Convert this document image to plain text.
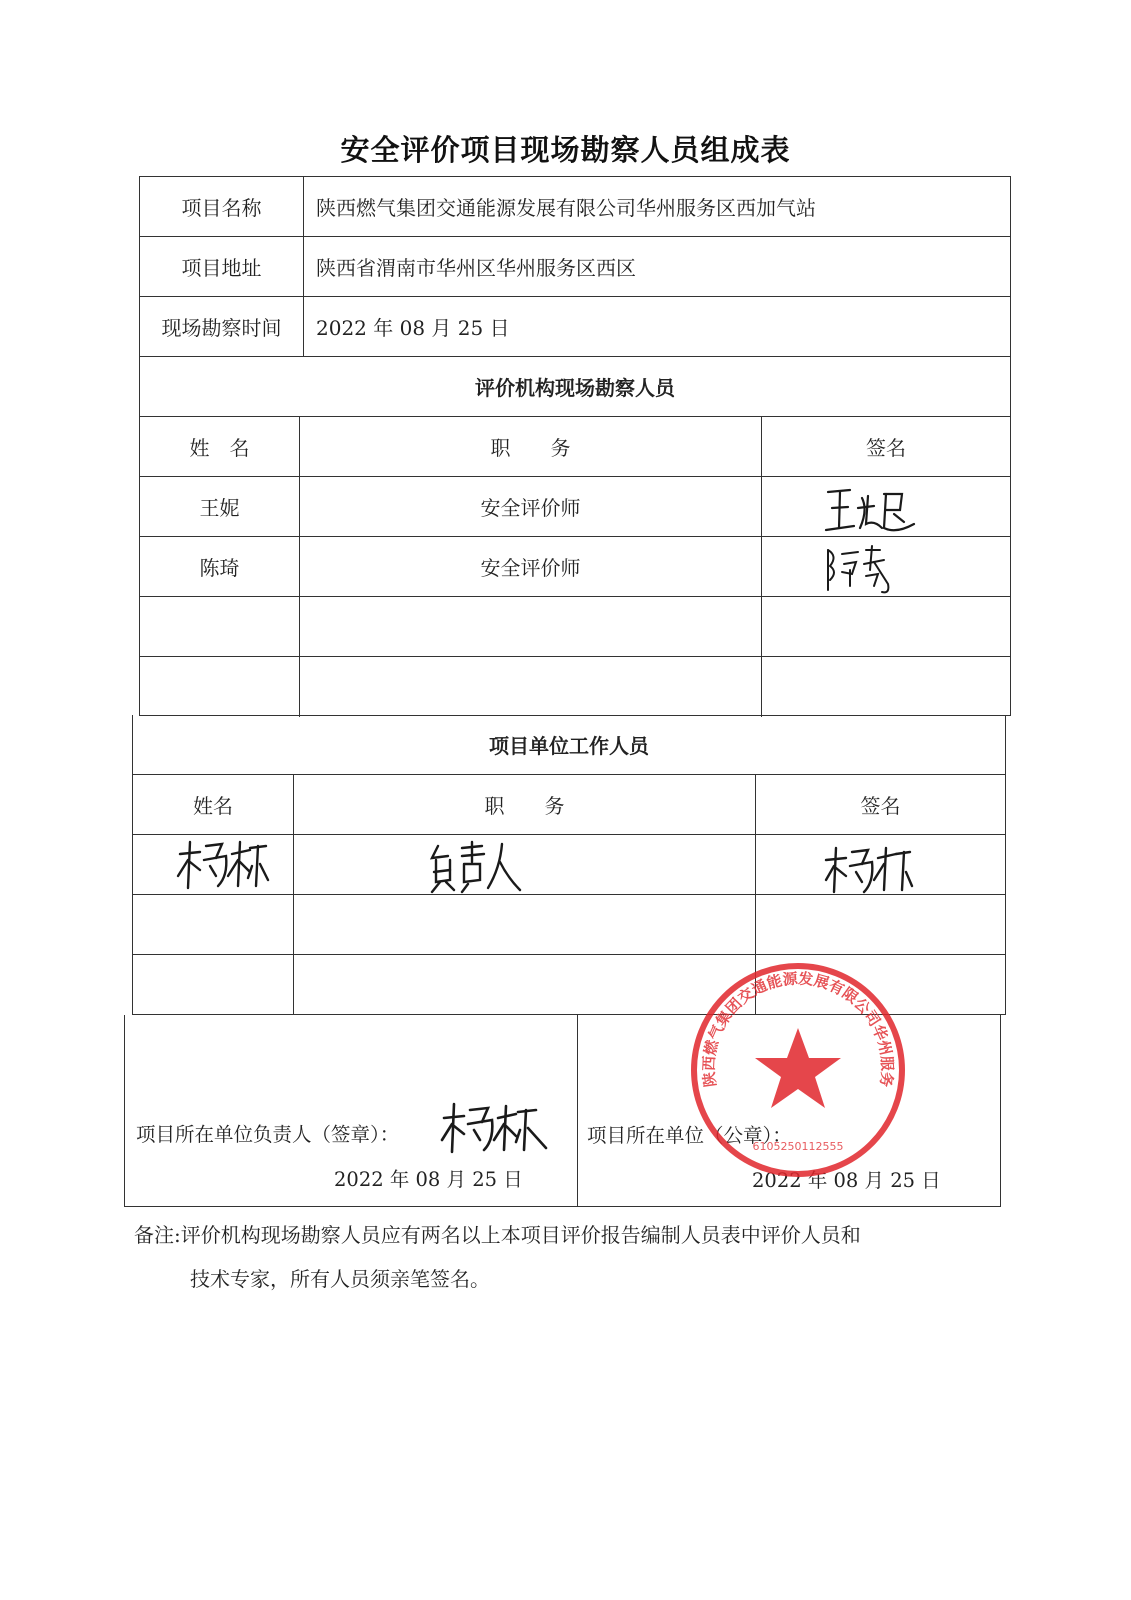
安全评价项目现场勘察人员组成表
项目名称	陕西燃气集团交通能源发展有限公司华州服务区西加气站
项目地址	陕西省渭南市华州区华州服务区西区
现场勘察时间	2022 年 08 月 25 日
评价机构现场勘察人员
姓　名	职　　务	签名
王妮	安全评价师
陈琦	安全评价师
项目单位工作人员
姓名	职　　务	签名
项目所在单位负责人（签章）：
2022 年 08 月 25 日
项目所在单位（公章）：
2022 年 08 月 25 日
陕西燃气集团交通能源发展有限公司华州服务
6105250112555
备注:评价机构现场勘察人员应有两名以上本项目评价报告编制人员表中评价人员和
技术专家，所有人员须亲笔签名。
